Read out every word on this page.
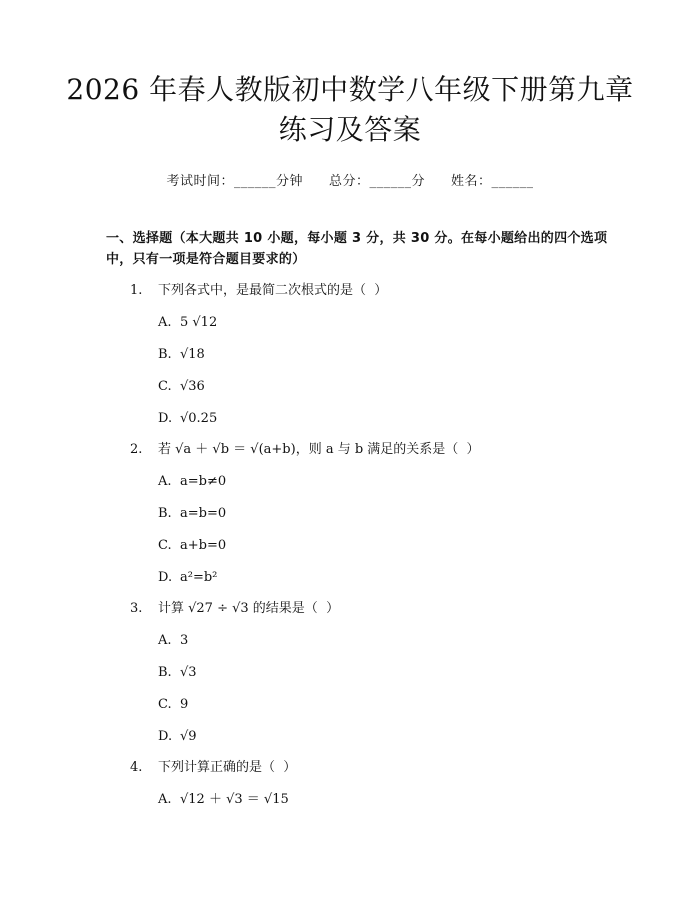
2026 年春人教版初中数学八年级下册第九章
练习及答案
考试时间：______分钟 总分：______分 姓名：______
一、选择题（本大题共 10 小题，每小题 3 分，共 30 分。在每小题给出的四个选项中，只有一项是符合题目要求的）
1. 下列各式中，是最简二次根式的是（  ）
A. 5 √12
B. √18
C. √36
D. √0.25
2. 若 √a ＋ √b ＝ √(a+b)，则 a 与 b 满足的关系是（  ）
A. a=b≠0
B. a=b=0
C. a+b=0
D. a²=b²
3. 计算 √27 ÷ √3 的结果是（  ）
A. 3
B. √3
C. 9
D. √9
4. 下列计算正确的是（  ）
A. √12 ＋ √3 ＝ √15
